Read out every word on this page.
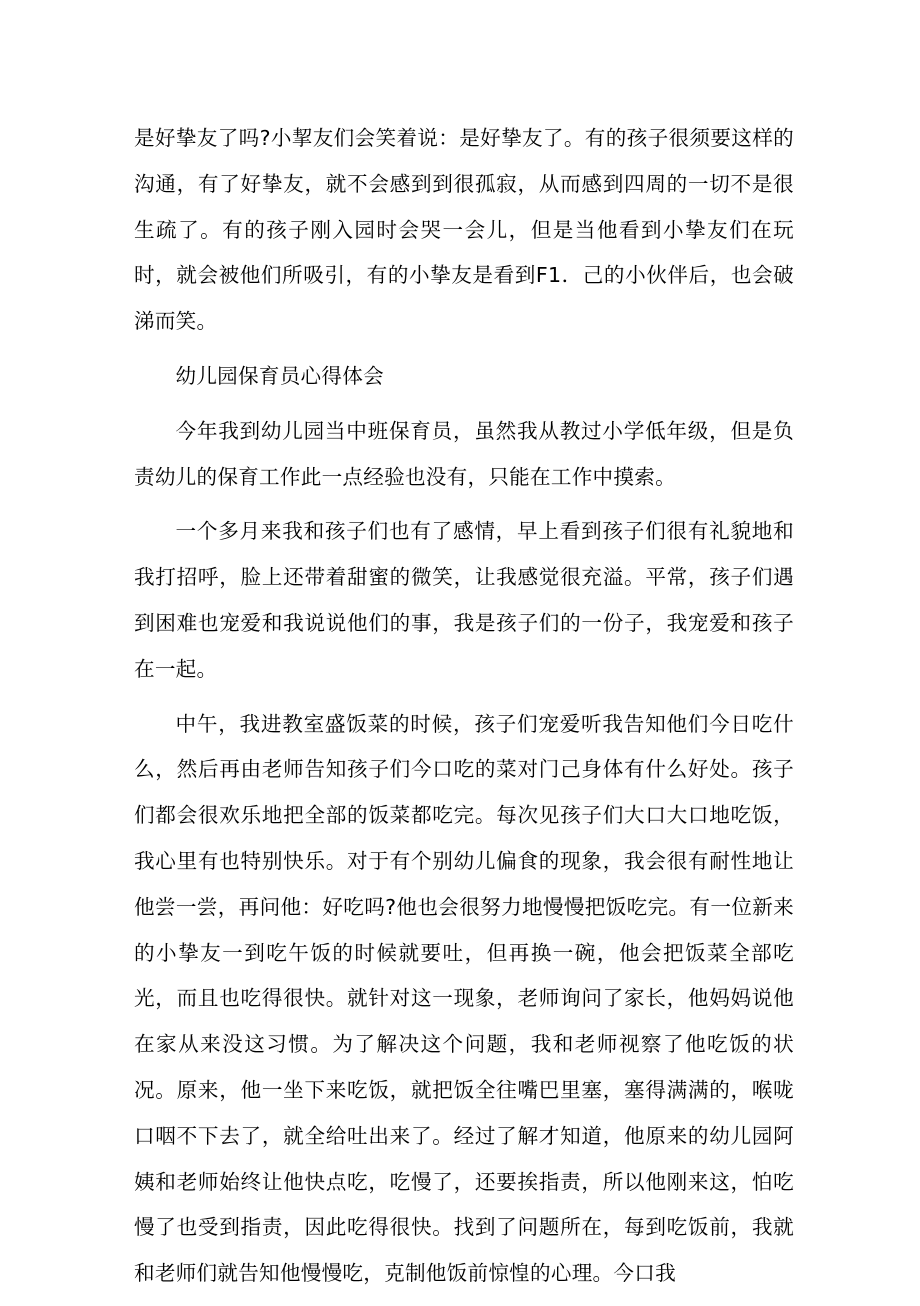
是好挚友了吗?小挈友们会笑着说：是好挚友了。有的孩子很须要这样的沟通，有了好挚友，就不会感到到很孤寂，从而感到四周的一切不是很生疏了。有的孩子刚入园时会哭一会儿，但是当他看到小挚友们在玩时，就会被他们所吸引，有的小挚友是看到F1．己的小伙伴后，也会破涕而笑。

幼儿园保育员心得体会

今年我到幼儿园当中班保育员，虽然我从教过小学低年级，但是负责幼儿的保育工作此一点经验也没有，只能在工作中摸索。

一个多月来我和孩子们也有了感情，早上看到孩子们很有礼貌地和我打招呼，脸上还带着甜蜜的微笑，让我感觉很充溢。平常，孩子们遇到困难也宠爱和我说说他们的事，我是孩子们的一份子，我宠爱和孩子在一起。

中午，我进教室盛饭菜的时候，孩子们宠爱听我告知他们今日吃什么，然后再由老师告知孩子们今口吃的菜对门己身体有什么好处。孩子们都会很欢乐地把全部的饭菜都吃完。每次见孩子们大口大口地吃饭，我心里有也特别快乐。对于有个别幼儿偏食的现象，我会很有耐性地让他尝一尝，再问他：好吃吗?他也会很努力地慢慢把饭吃完。有一位新来的小挚友一到吃午饭的时候就要吐，但再换一碗，他会把饭菜全部吃光，而且也吃得很快。就针对这一现象，老师询问了家长，他妈妈说他在家从来没这习惯。为了解决这个问题，我和老师视察了他吃饭的状况。原来，他一坐下来吃饭，就把饭全往嘴巴里塞，塞得满满的，喉咙口咽不下去了，就全给吐出来了。经过了解才知道，他原来的幼儿园阿姨和老师始终让他快点吃，吃慢了，还要挨指责，所以他刚来这，怕吃慢了也受到指责，因此吃得很快。找到了问题所在，每到吃饭前，我就和老师们就告知他慢慢吃，克制他饭前惊惶的心理。今口我
